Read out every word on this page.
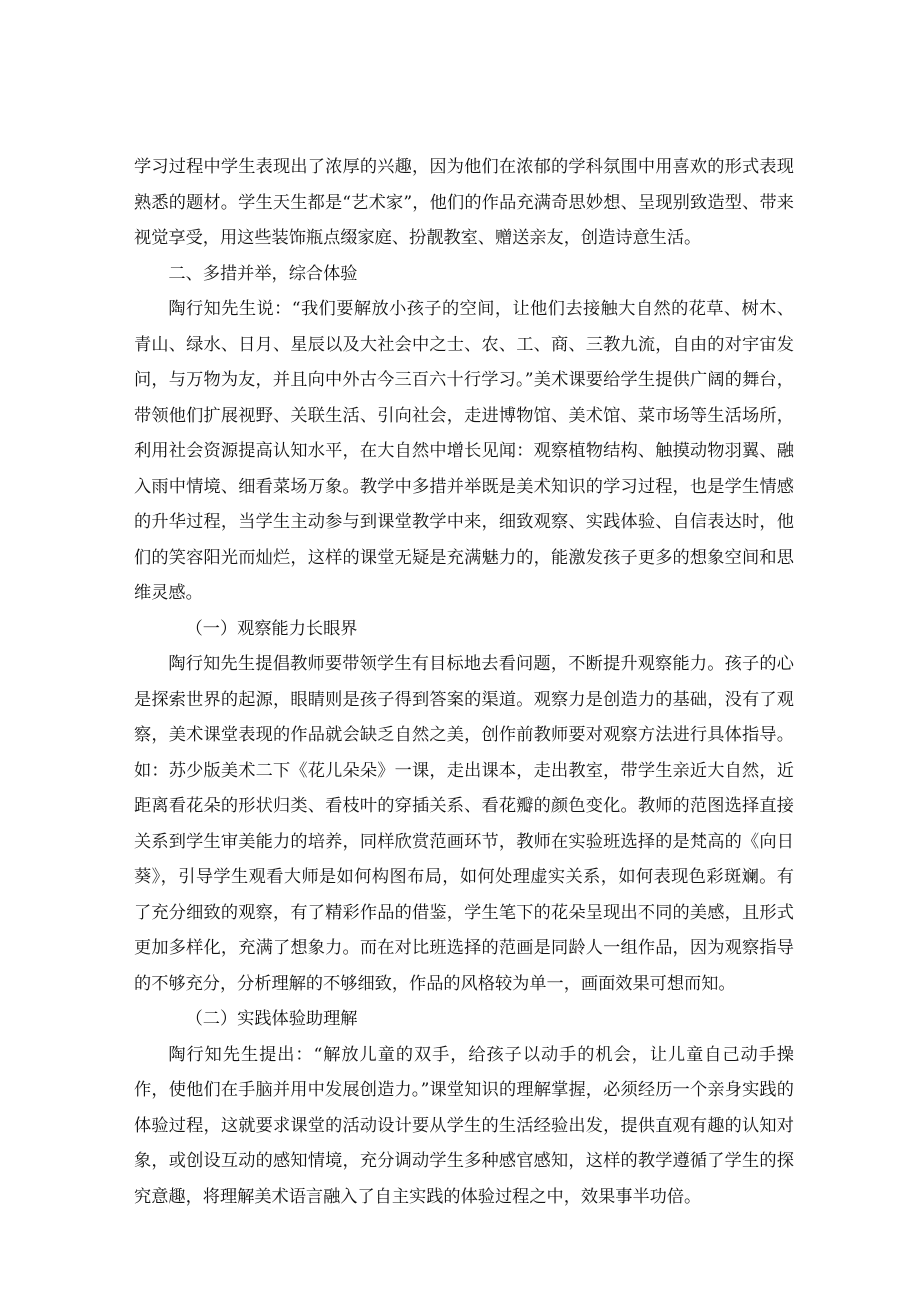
学习过程中学生表现出了浓厚的兴趣，因为他们在浓郁的学科氛围中用喜欢的形式表现熟悉的题材。学生天生都是“艺术家”，他们的作品充满奇思妙想、呈现别致造型、带来视觉享受，用这些装饰瓶点缀家庭、扮靓教室、赠送亲友，创造诗意生活。

二、多措并举，综合体验

陶行知先生说：“我们要解放小孩子的空间，让他们去接触大自然的花草、树木、青山、绿水、日月、星辰以及大社会中之士、农、工、商、三教九流，自由的对宇宙发问，与万物为友，并且向中外古今三百六十行学习。”美术课要给学生提供广阔的舞台，带领他们扩展视野、关联生活、引向社会，走进博物馆、美术馆、菜市场等生活场所，利用社会资源提高认知水平，在大自然中增长见闻：观察植物结构、触摸动物羽翼、融入雨中情境、细看菜场万象。教学中多措并举既是美术知识的学习过程，也是学生情感的升华过程，当学生主动参与到课堂教学中来，细致观察、实践体验、自信表达时，他们的笑容阳光而灿烂，这样的课堂无疑是充满魅力的，能激发孩子更多的想象空间和思维灵感。

（一）观察能力长眼界

陶行知先生提倡教师要带领学生有目标地去看问题，不断提升观察能力。孩子的心是探索世界的起源，眼睛则是孩子得到答案的渠道。观察力是创造力的基础，没有了观察，美术课堂表现的作品就会缺乏自然之美，创作前教师要对观察方法进行具体指导。如：苏少版美术二下《花儿朵朵》一课，走出课本，走出教室，带学生亲近大自然，近距离看花朵的形状归类、看枝叶的穿插关系、看花瓣的颜色变化。教师的范图选择直接关系到学生审美能力的培养，同样欣赏范画环节，教师在实验班选择的是梵高的《向日葵》，引导学生观看大师是如何构图布局，如何处理虚实关系，如何表现色彩斑斓。有了充分细致的观察，有了精彩作品的借鉴，学生笔下的花朵呈现出不同的美感，且形式更加多样化，充满了想象力。而在对比班选择的范画是同龄人一组作品，因为观察指导的不够充分，分析理解的不够细致，作品的风格较为单一，画面效果可想而知。

（二）实践体验助理解

陶行知先生提出：“解放儿童的双手，给孩子以动手的机会，让儿童自己动手操作，使他们在手脑并用中发展创造力。”课堂知识的理解掌握，必须经历一个亲身实践的体验过程，这就要求课堂的活动设计要从学生的生活经验出发，提供直观有趣的认知对象，或创设互动的感知情境，充分调动学生多种感官感知，这样的教学遵循了学生的探究意趣，将理解美术语言融入了自主实践的体验过程之中，效果事半功倍。
